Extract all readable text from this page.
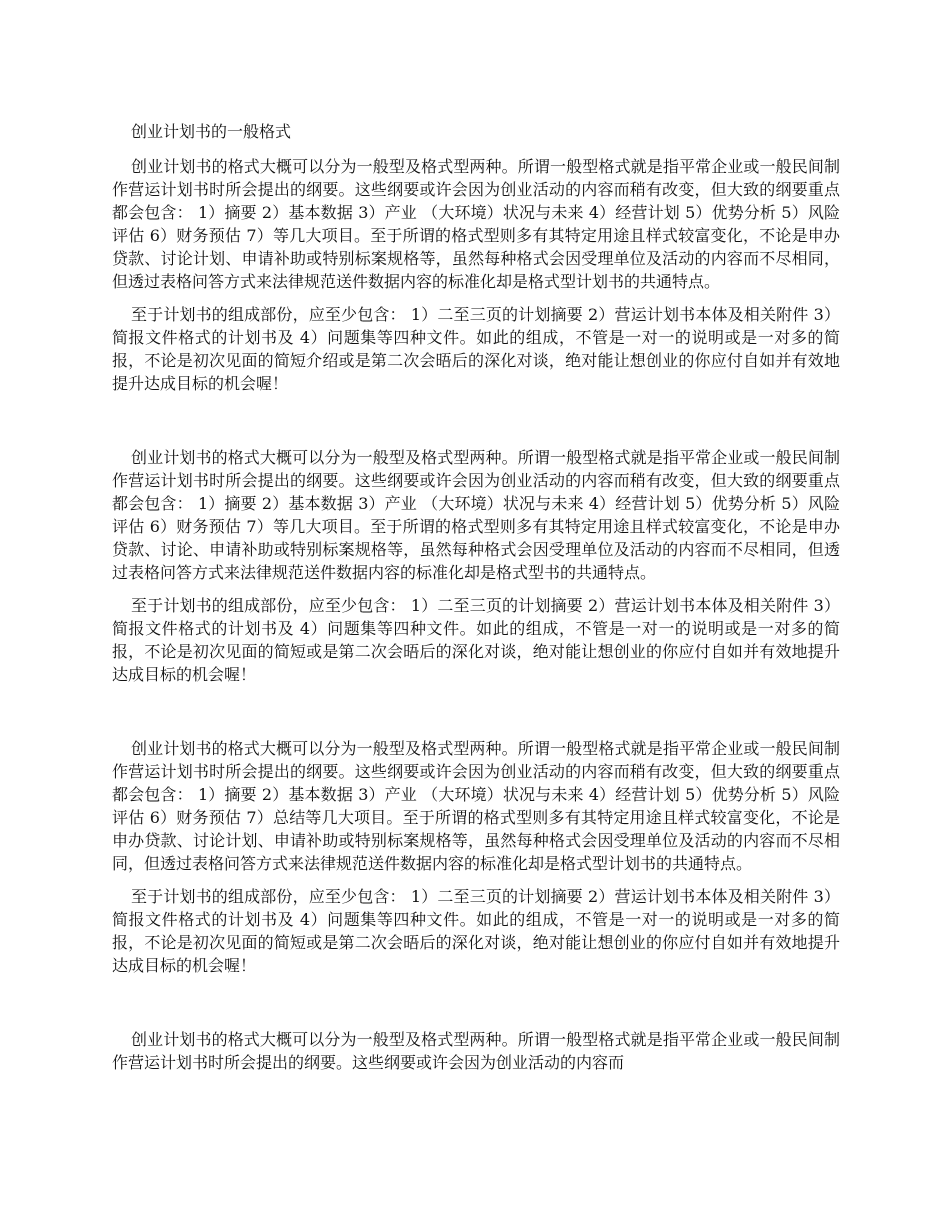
创业计划书的一般格式

创业计划书的格式大概可以分为一般型及格式型两种。所谓一般型格式就是指平常企业或一般民间制作营运计划书时所会提出的纲要。这些纲要或许会因为创业活动的内容而稍有改变，但大致的纲要重点都会包含： 1）摘要 2）基本数据 3）产业 （大环境）状况与未来 4）经营计划 5）优势分析 5）风险评估 6）财务预估 7）等几大项目。至于所谓的格式型则多有其特定用途且样式较富变化，不论是申办贷款、讨论计划、申请补助或特别标案规格等，虽然每种格式会因受理单位及活动的内容而不尽相同，但透过表格问答方式来法律规范送件数据内容的标准化却是格式型计划书的共通特点。

至于计划书的组成部份，应至少包含： 1）二至三页的计划摘要 2）营运计划书本体及相关附件 3）简报文件格式的计划书及 4）问题集等四种文件。如此的组成，不管是一对一的说明或是一对多的简报，不论是初次见面的简短介绍或是第二次会晤后的深化对谈，绝对能让想创业的你应付自如并有效地提升达成目标的机会喔！

创业计划书的格式大概可以分为一般型及格式型两种。所谓一般型格式就是指平常企业或一般民间制作营运计划书时所会提出的纲要。这些纲要或许会因为创业活动的内容而稍有改变，但大致的纲要重点都会包含： 1）摘要 2）基本数据 3）产业 （大环境）状况与未来 4）经营计划 5）优势分析 5）风险评估 6）财务预估 7）等几大项目。至于所谓的格式型则多有其特定用途且样式较富变化，不论是申办贷款、讨论、申请补助或特别标案规格等，虽然每种格式会因受理单位及活动的内容而不尽相同，但透过表格问答方式来法律规范送件数据内容的标准化却是格式型书的共通特点。

至于计划书的组成部份，应至少包含： 1）二至三页的计划摘要 2）营运计划书本体及相关附件 3）简报文件格式的计划书及 4）问题集等四种文件。如此的组成，不管是一对一的说明或是一对多的简报，不论是初次见面的简短或是第二次会晤后的深化对谈，绝对能让想创业的你应付自如并有效地提升达成目标的机会喔！

创业计划书的格式大概可以分为一般型及格式型两种。所谓一般型格式就是指平常企业或一般民间制作营运计划书时所会提出的纲要。这些纲要或许会因为创业活动的内容而稍有改变，但大致的纲要重点都会包含： 1）摘要 2）基本数据 3）产业 （大环境）状况与未来 4）经营计划 5）优势分析 5）风险评估 6）财务预估 7）总结等几大项目。至于所谓的格式型则多有其特定用途且样式较富变化，不论是申办贷款、讨论计划、申请补助或特别标案规格等，虽然每种格式会因受理单位及活动的内容而不尽相同，但透过表格问答方式来法律规范送件数据内容的标准化却是格式型计划书的共通特点。

至于计划书的组成部份，应至少包含： 1）二至三页的计划摘要 2）营运计划书本体及相关附件 3）简报文件格式的计划书及 4）问题集等四种文件。如此的组成，不管是一对一的说明或是一对多的简报，不论是初次见面的简短或是第二次会晤后的深化对谈，绝对能让想创业的你应付自如并有效地提升达成目标的机会喔！

创业计划书的格式大概可以分为一般型及格式型两种。所谓一般型格式就是指平常企业或一般民间制作营运计划书时所会提出的纲要。这些纲要或许会因为创业活动的内容而
